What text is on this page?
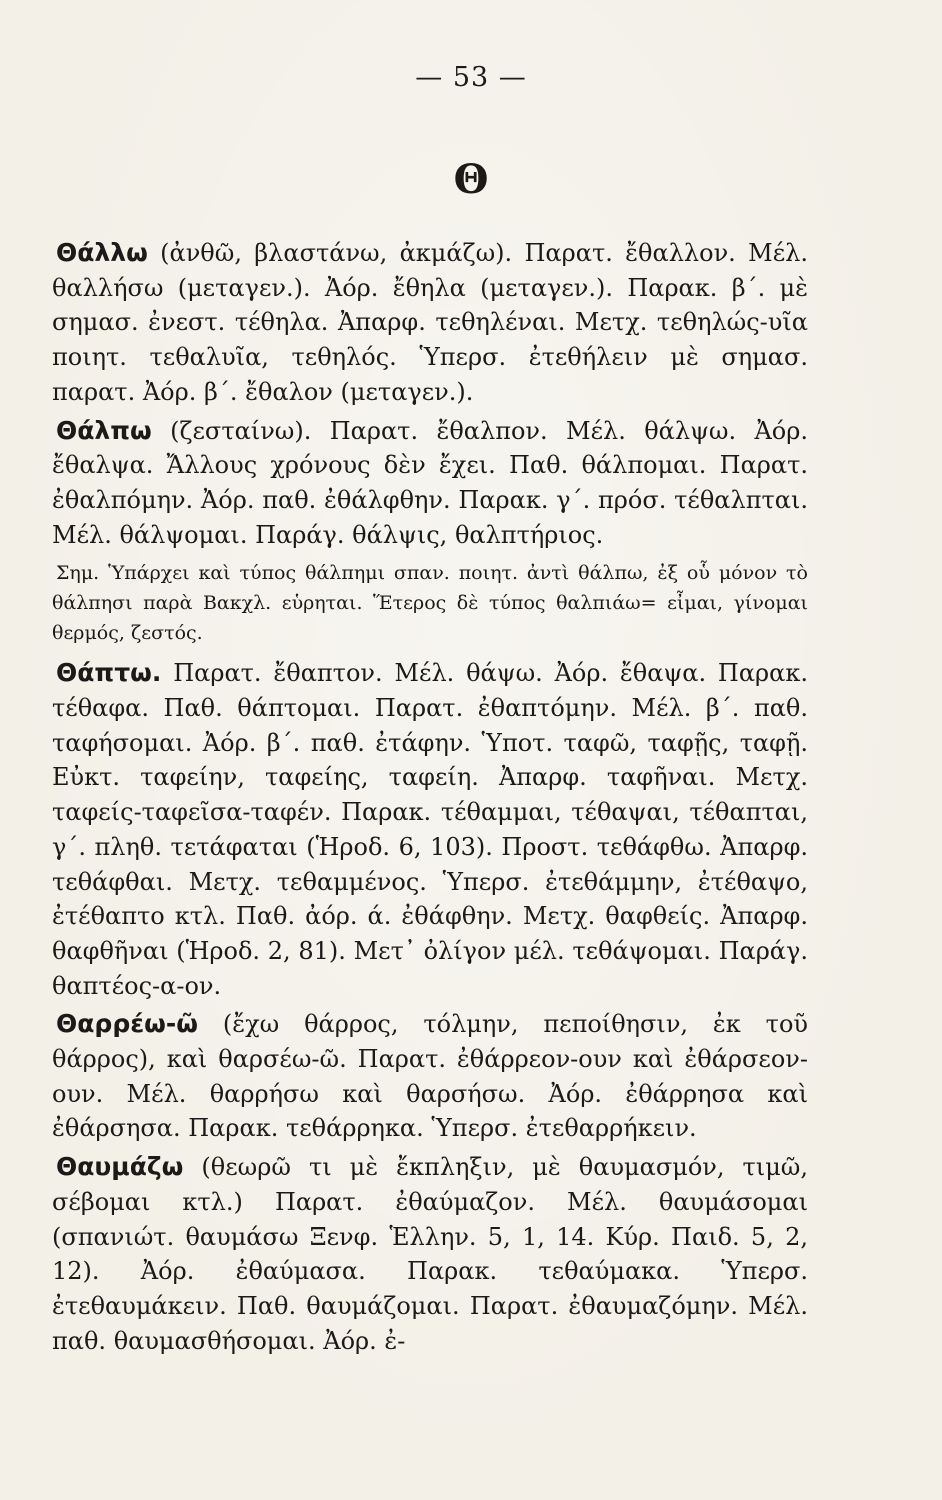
— 53 —
Θ

Θάλλω (ἀνθῶ, βλαστάνω, ἀκμάζω). Παρατ. ἔθαλλον. Μέλ. θαλλήσω (μεταγεν.). Ἀόρ. ἔθηλα (μεταγεν.). Παρακ. β΄. μὲ σημασ. ἐνεστ. τέθηλα. Ἀπαρφ. τεθηλέναι. Μετχ. τεθηλώς-υῖα ποιητ. τεθαλυῖα, τεθηλός. Ὑπερσ. ἐτεθήλειν μὲ σημασ. παρατ. Ἀόρ. β΄. ἔθαλον (μεταγεν.).

Θάλπω (ζεσταίνω). Παρατ. ἔθαλπον. Μέλ. θάλψω. Ἀόρ. ἔθαλψα. Ἄλλους χρόνους δὲν ἔχει. Παθ. θάλπομαι. Παρατ. ἐθαλπόμην. Ἀόρ. παθ. ἐθάλφθην. Παρακ. γ΄. πρόσ. τέθαλπται. Μέλ. θάλψομαι. Παράγ. θάλψις, θαλπτήριος.

Σημ. Ὑπάρχει καὶ τύπος θάλπημι σπαν. ποιητ. ἀντὶ θάλπω, ἐξ οὗ μόνον τὸ θάλπησι παρὰ Βακχλ. εὑρηται. Ἕτερος δὲ τύπος θαλπιάω= εἶμαι, γίνομαι θερμός, ζεστός.

Θάπτω. Παρατ. ἔθαπτον. Μέλ. θάψω. Ἀόρ. ἔθαψα. Παρακ. τέθαφα. Παθ. θάπτομαι. Παρατ. ἐθαπτόμην. Μέλ. β΄. παθ. ταφήσομαι. Ἀόρ. β΄. παθ. ἐτάφην. Ὑποτ. ταφῶ, ταφῇς, ταφῇ. Εὐκτ. ταφείην, ταφείης, ταφείη. Ἀπαρφ. ταφῆναι. Μετχ. ταφείς-ταφεῖσα-ταφέν. Παρακ. τέθαμμαι, τέθαψαι, τέθαπται, γ΄. πληθ. τετάφαται (Ἡροδ. 6, 103). Προστ. τεθάφθω. Ἀπαρφ. τεθάφθαι. Μετχ. τεθαμμένος. Ὑπερσ. ἐτεθάμμην, ἐτέθαψο, ἐτέθαπτο κτλ. Παθ. ἀόρ. ά. ἐθάφθην. Μετχ. θαφθείς. Ἀπαρφ. θαφθῆναι (Ἡροδ. 2, 81). Μετ᾽ ὀλίγον μέλ. τεθάψομαι. Παράγ. θαπτέος-α-ον.

Θαρρέω-ῶ (ἔχω θάρρος, τόλμην, πεποίθησιν, ἐκ τοῦ θάρρος), καὶ θαρσέω-ῶ. Παρατ. ἐθάρρεον-ουν καὶ ἐθάρσεον-ουν. Μέλ. θαρρήσω καὶ θαρσήσω. Ἀόρ. ἐθάρρησα καὶ ἐθάρσησα. Παρακ. τεθάρρηκα. Ὑπερσ. ἐτεθαρρήκειν.

Θαυμάζω (θεωρῶ τι μὲ ἔκπληξιν, μὲ θαυμασμόν, τιμῶ, σέβομαι κτλ.) Παρατ. ἐθαύμαζον. Μέλ. θαυμάσομαι (σπανιώτ. θαυμάσω Ξενφ. Ἑλλην. 5, 1, 14. Κύρ. Παιδ. 5, 2, 12). Ἀόρ. ἐθαύμασα. Παρακ. τεθαύμακα. Ὑπερσ. ἐτεθαυμάκειν. Παθ. θαυμάζομαι. Παρατ. ἐθαυμαζόμην. Μέλ. παθ. θαυμασθήσομαι. Ἀόρ. ἐ-
